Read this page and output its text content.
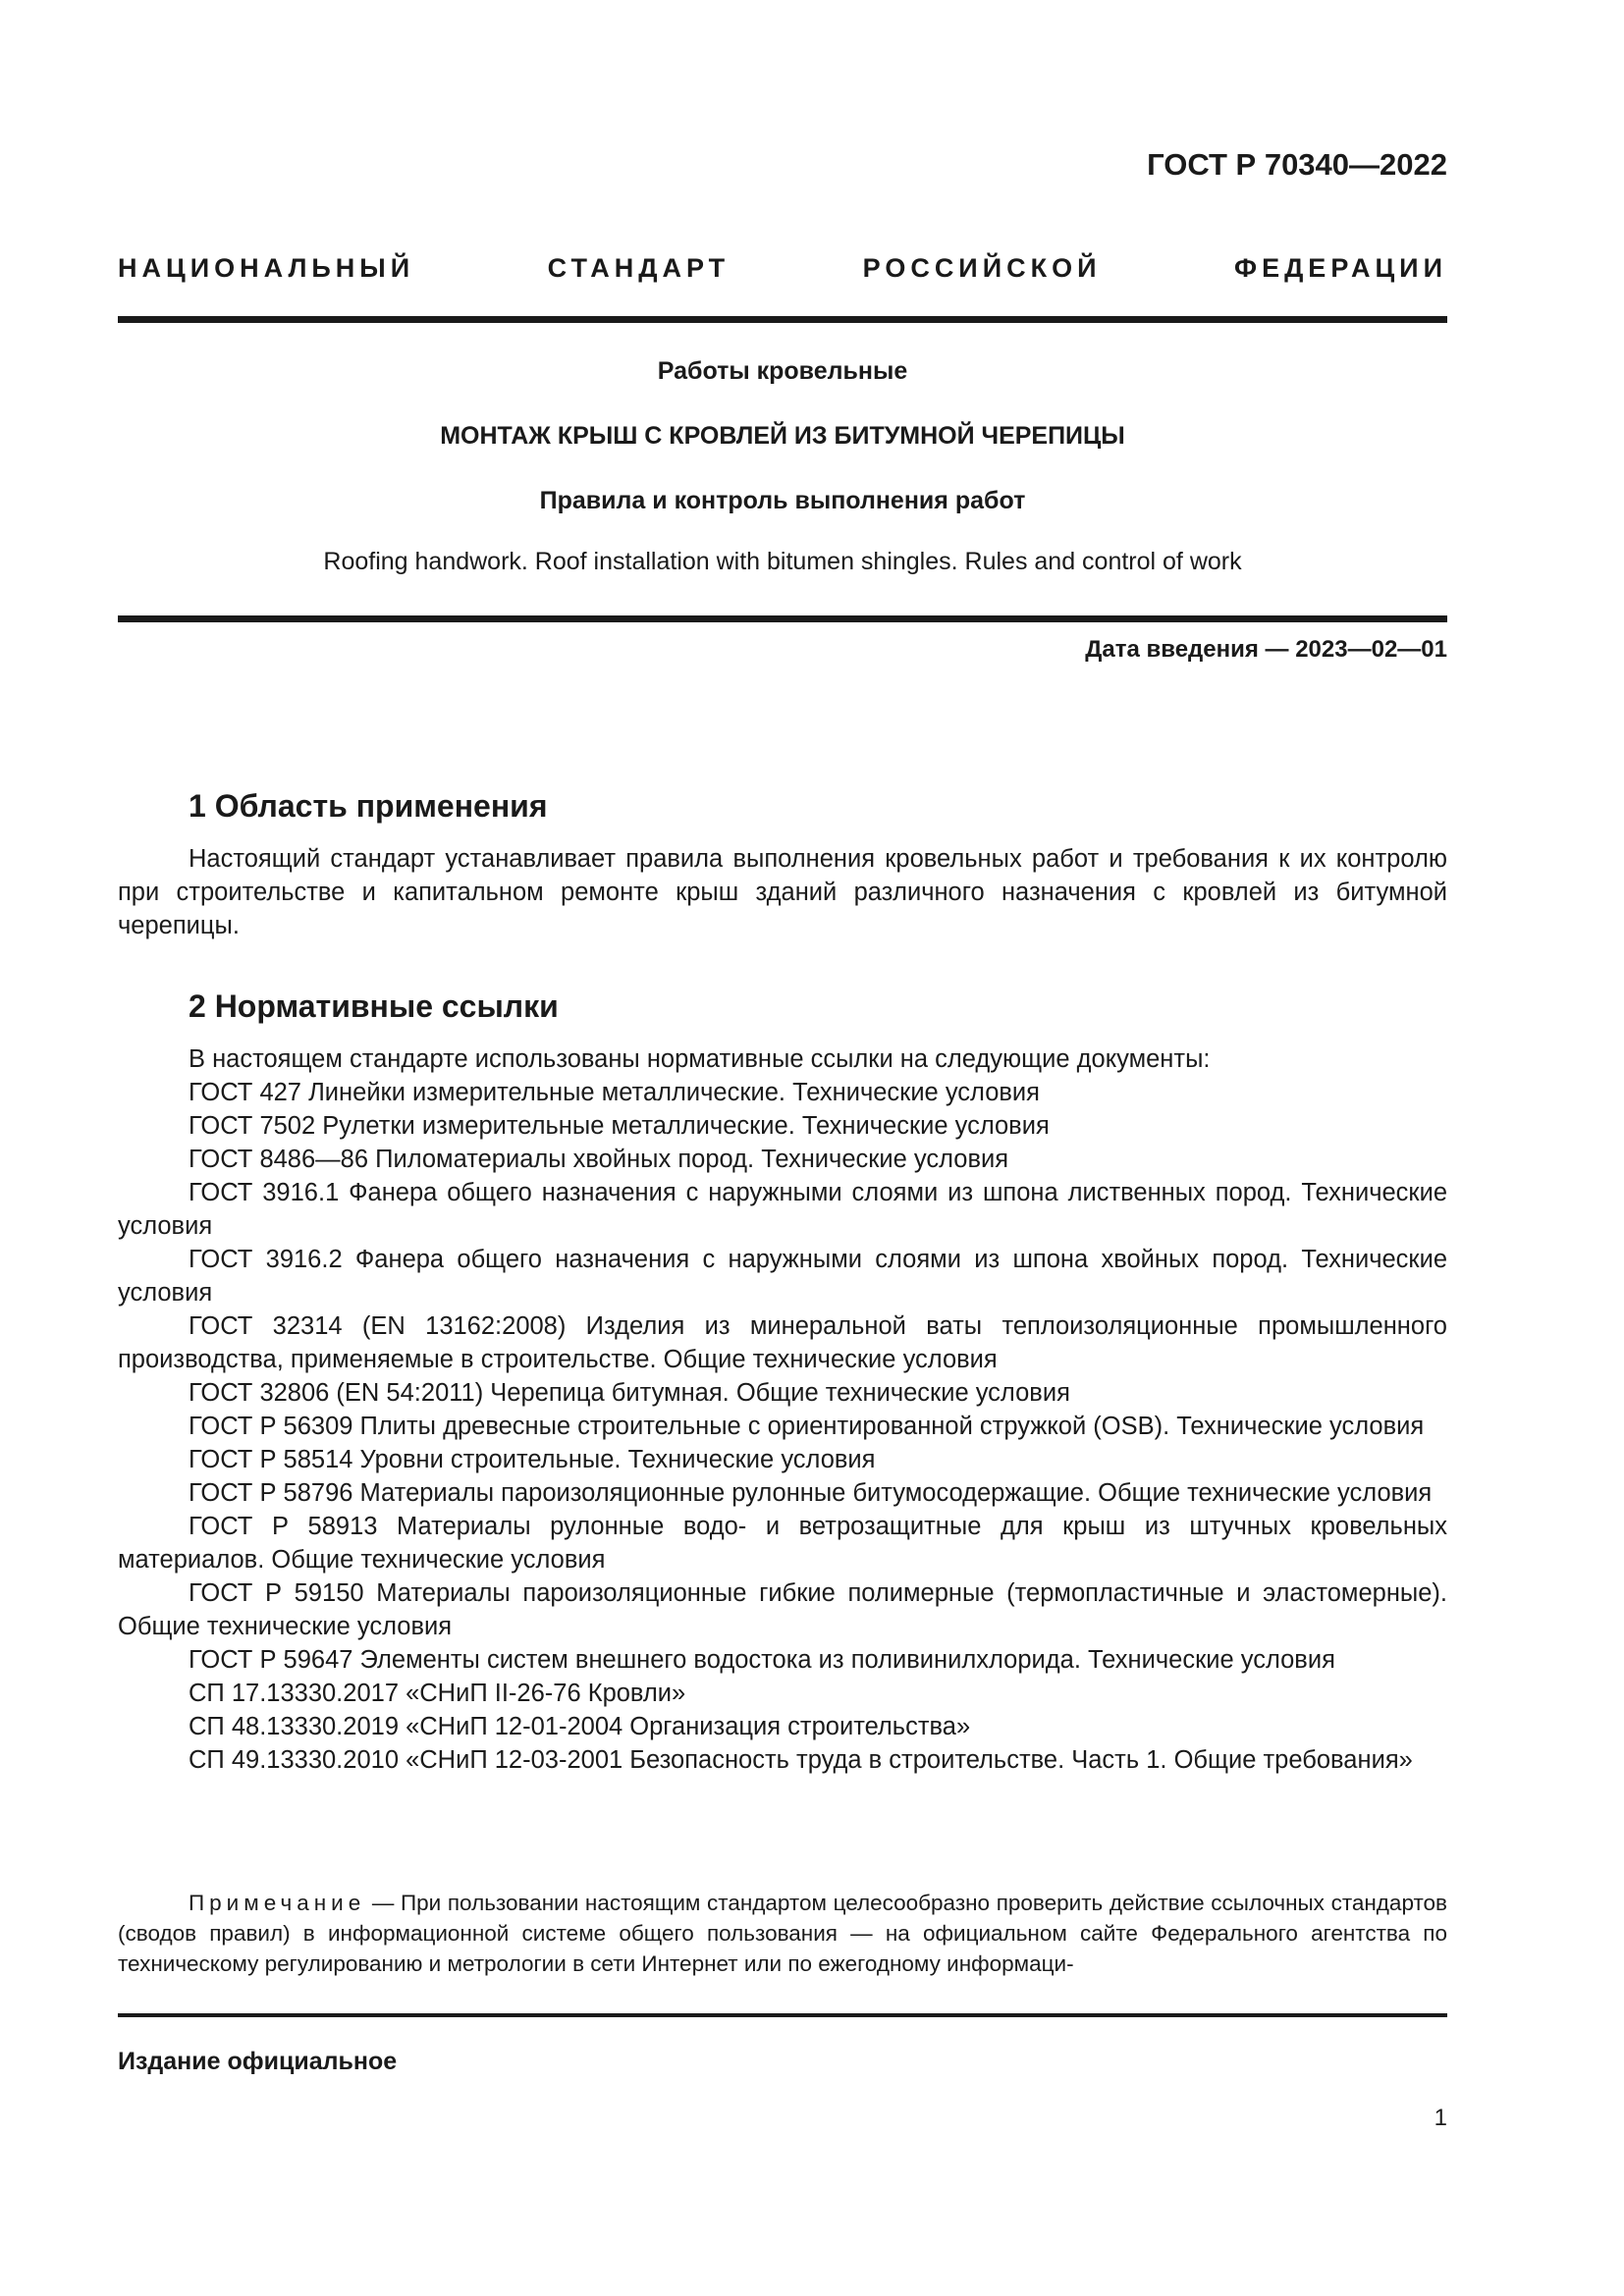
ГОСТ Р 70340—2022
НАЦИОНАЛЬНЫЙ СТАНДАРТ РОССИЙСКОЙ ФЕДЕРАЦИИ
Работы кровельные
МОНТАЖ КРЫШ С КРОВЛЕЙ ИЗ БИТУМНОЙ ЧЕРЕПИЦЫ
Правила и контроль выполнения работ
Roofing handwork. Roof installation with bitumen shingles. Rules and control of work
Дата введения — 2023—02—01
1 Область применения

Настоящий стандарт устанавливает правила выполнения кровельных работ и требования к их контролю при строительстве и капитальном ремонте крыш зданий различного назначения с кровлей из битумной черепицы.

2 Нормативные ссылки

В настоящем стандарте использованы нормативные ссылки на следующие документы:

ГОСТ 427 Линейки измерительные металлические. Технические условия

ГОСТ 7502 Рулетки измерительные металлические. Технические условия

ГОСТ 8486—86 Пиломатериалы хвойных пород. Технические условия

ГОСТ 3916.1 Фанера общего назначения с наружными слоями из шпона лиственных пород. Технические условия

ГОСТ 3916.2 Фанера общего назначения с наружными слоями из шпона хвойных пород. Технические условия

ГОСТ 32314 (EN 13162:2008) Изделия из минеральной ваты теплоизоляционные промышленного производства, применяемые в строительстве. Общие технические условия

ГОСТ 32806 (EN 54:2011) Черепица битумная. Общие технические условия

ГОСТ Р 56309 Плиты древесные строительные с ориентированной стружкой (OSB). Технические условия

ГОСТ Р 58514 Уровни строительные. Технические условия

ГОСТ Р 58796 Материалы пароизоляционные рулонные битумосодержащие. Общие технические условия

ГОСТ Р 58913 Материалы рулонные водо- и ветрозащитные для крыш из штучных кровельных материалов. Общие технические условия

ГОСТ Р 59150 Материалы пароизоляционные гибкие полимерные (термопластичные и эластомерные). Общие технические условия

ГОСТ Р 59647 Элементы систем внешнего водостока из поливинилхлорида. Технические условия

СП 17.13330.2017 «СНиП II-26-76 Кровли»

СП 48.13330.2019 «СНиП 12-01-2004 Организация строительства»

СП 49.13330.2010 «СНиП 12-03-2001 Безопасность труда в строительстве. Часть 1. Общие требования»

Примечание — При пользовании настоящим стандартом целесообразно проверить действие ссылочных стандартов (сводов правил) в информационной системе общего пользования — на официальном сайте Федерального агентства по техническому регулированию и метрологии в сети Интернет или по ежегодному информаци-

Издание официальное
1
